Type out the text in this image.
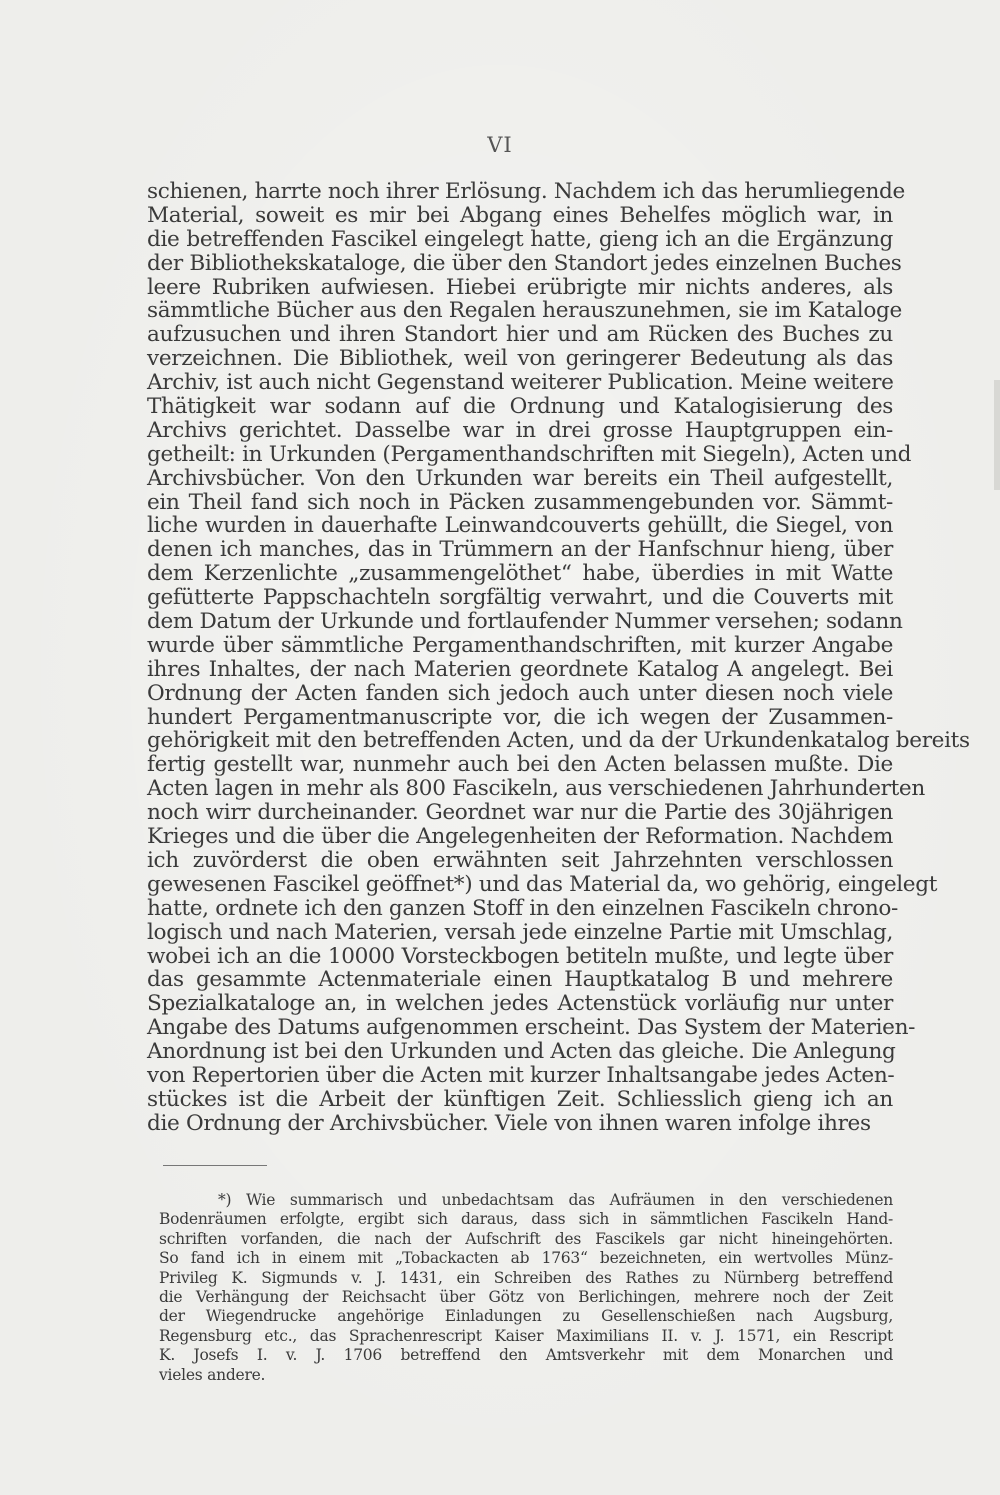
VI
schienen, harrte noch ihrer Erlösung. Nachdem ich das herumliegende
Material, soweit es mir bei Abgang eines Behelfes möglich war, in
die betreffenden Fascikel eingelegt hatte, gieng ich an die Ergänzung
der Bibliothekskataloge, die über den Standort jedes einzelnen Buches
leere Rubriken aufwiesen. Hiebei erübrigte mir nichts anderes, als
sämmtliche Bücher aus den Regalen herauszunehmen, sie im Kataloge
aufzusuchen und ihren Standort hier und am Rücken des Buches zu
verzeichnen. Die Bibliothek, weil von geringerer Bedeutung als das
Archiv, ist auch nicht Gegenstand weiterer Publication. Meine weitere
Thätigkeit war sodann auf die Ordnung und Katalogisierung des
Archivs gerichtet. Dasselbe war in drei grosse Hauptgruppen ein-
getheilt: in Urkunden (Pergamenthandschriften mit Siegeln), Acten und
Archivsbücher. Von den Urkunden war bereits ein Theil aufgestellt,
ein Theil fand sich noch in Päcken zusammengebunden vor. Sämmt-
liche wurden in dauerhafte Leinwandcouverts gehüllt, die Siegel, von
denen ich manches, das in Trümmern an der Hanfschnur hieng, über
dem Kerzenlichte „zusammengelöthet“ habe, überdies in mit Watte
gefütterte Pappschachteln sorgfältig verwahrt, und die Couverts mit
dem Datum der Urkunde und fortlaufender Nummer versehen; sodann
wurde über sämmtliche Pergamenthandschriften, mit kurzer Angabe
ihres Inhaltes, der nach Materien geordnete Katalog A angelegt. Bei
Ordnung der Acten fanden sich jedoch auch unter diesen noch viele
hundert Pergamentmanuscripte vor, die ich wegen der Zusammen-
gehörigkeit mit den betreffenden Acten, und da der Urkundenkatalog bereits
fertig gestellt war, nunmehr auch bei den Acten belassen mußte. Die
Acten lagen in mehr als 800 Fascikeln, aus verschiedenen Jahrhunderten
noch wirr durcheinander. Geordnet war nur die Partie des 30jährigen
Krieges und die über die Angelegenheiten der Reformation. Nachdem
ich zuvörderst die oben erwähnten seit Jahrzehnten verschlossen
gewesenen Fascikel geöffnet*) und das Material da, wo gehörig, eingelegt
hatte, ordnete ich den ganzen Stoff in den einzelnen Fascikeln chrono-
logisch und nach Materien, versah jede einzelne Partie mit Umschlag,
wobei ich an die 10000 Vorsteckbogen betiteln mußte, und legte über
das gesammte Actenmateriale einen Hauptkatalog B und mehrere
Spezialkataloge an, in welchen jedes Actenstück vorläufig nur unter
Angabe des Datums aufgenommen erscheint. Das System der Materien-
Anordnung ist bei den Urkunden und Acten das gleiche. Die Anlegung
von Repertorien über die Acten mit kurzer Inhaltsangabe jedes Acten-
stückes ist die Arbeit der künftigen Zeit. Schliesslich gieng ich an
die Ordnung der Archivsbücher. Viele von ihnen waren infolge ihres
*) Wie summarisch und unbedachtsam das Aufräumen in den verschiedenen
Bodenräumen erfolgte, ergibt sich daraus, dass sich in sämmtlichen Fascikeln Hand-
schriften vorfanden, die nach der Aufschrift des Fascikels gar nicht hineingehörten.
So fand ich in einem mit „Tobackacten ab 1763“ bezeichneten, ein wertvolles Münz-
Privileg K. Sigmunds v. J. 1431, ein Schreiben des Rathes zu Nürnberg betreffend
die Verhängung der Reichsacht über Götz von Berlichingen, mehrere noch der Zeit
der Wiegendrucke angehörige Einladungen zu Gesellenschießen nach Augsburg,
Regensburg etc., das Sprachenrescript Kaiser Maximilians II. v. J. 1571, ein Rescript
K. Josefs I. v. J. 1706 betreffend den Amtsverkehr mit dem Monarchen und
vieles andere.
